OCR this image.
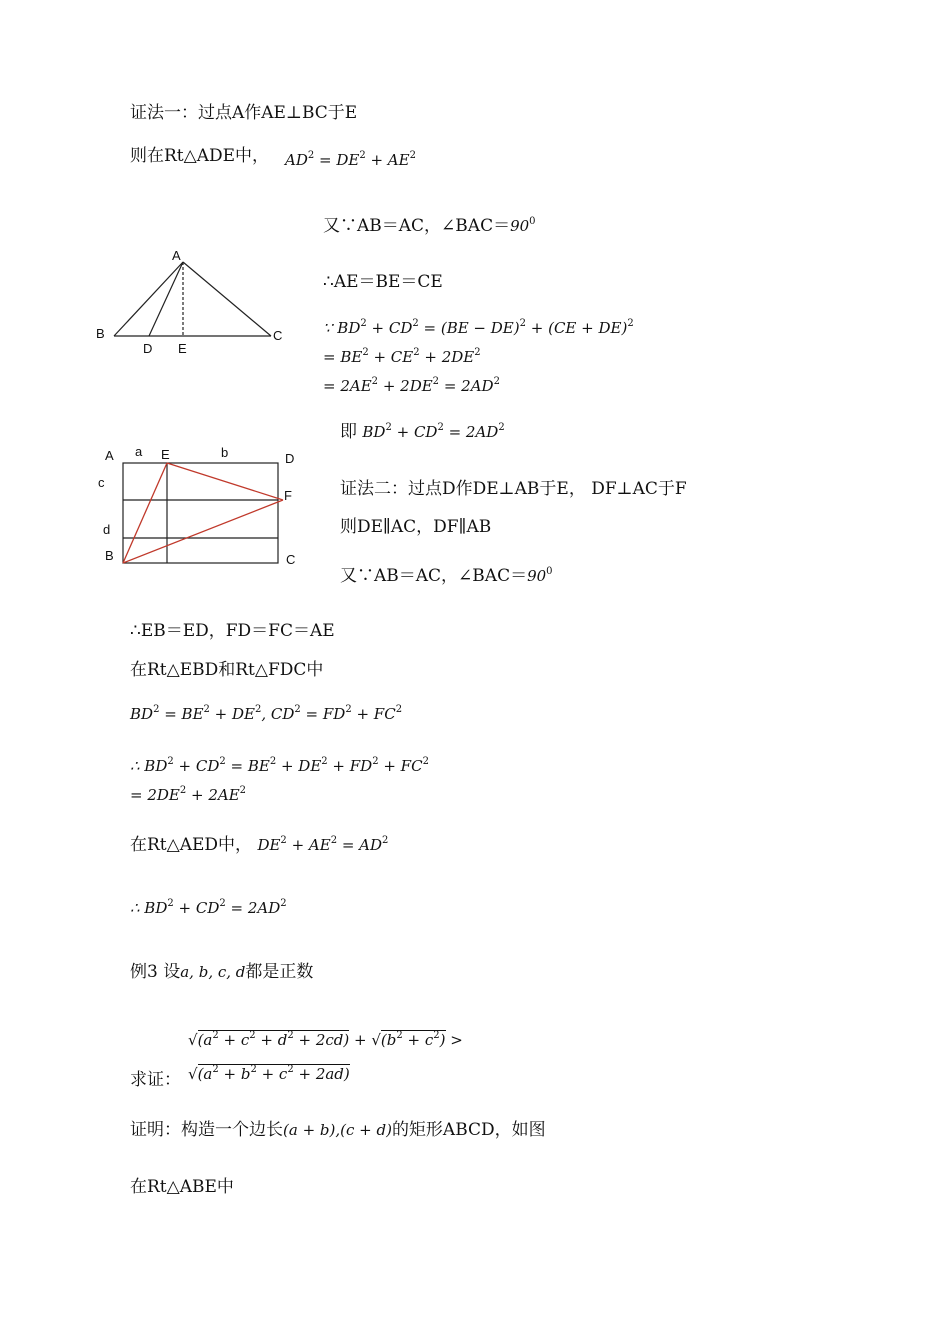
证法一：过点A作AE⊥BC于E
则在Rt△ADE中， $AD^2 = DE^2 + AE^2$
又∵AB＝AC，$\angle BAC=90^0$
∴AE＝BE＝CE
∵ $BD^2 + CD^2 = (BE - DE)^2 + (CE + DE)^2$
= $BE^2 + CE^2 + 2DE^2$
= $2AE^2 + 2DE^2 = 2AD^2$
即 $BD^2 + CD^2 = 2AD^2$
A
B	C
D E
A a E	b	D
c
F
d
B	C
证法二：过点D作DE⊥AB于E， DF⊥AC于F
则DE∥AC，DF∥AB
又∵AB＝AC，$\angle BAC=90^0$
∴EB＝ED，FD＝FC＝AE
在Rt△EBD和Rt△FDC中
$BD^2 = BE^2 + DE^2$, $CD^2 = FD^2 + FC^2$
∴ $BD^2 + CD^2 = BE^2 + DE^2 + FD^2 + FC^2$
= $2DE^2 + 2AE^2$
在Rt△AED中， $DE^2 + AE^2 = AD^2$
∴ $BD^2 + CD^2 = 2AD^2$
例3 设a, b, c, d都是正数
$√(a^2 + c^2 + d^2 + 2cd) + √(b^2 + c^2)$ >
$√(a^2 + b^2 + c^2 + 2ad)$
求证：
证明：构造一个边长(a + b),(c + d)的矩形ABCD，如图
在Rt△ABE中
